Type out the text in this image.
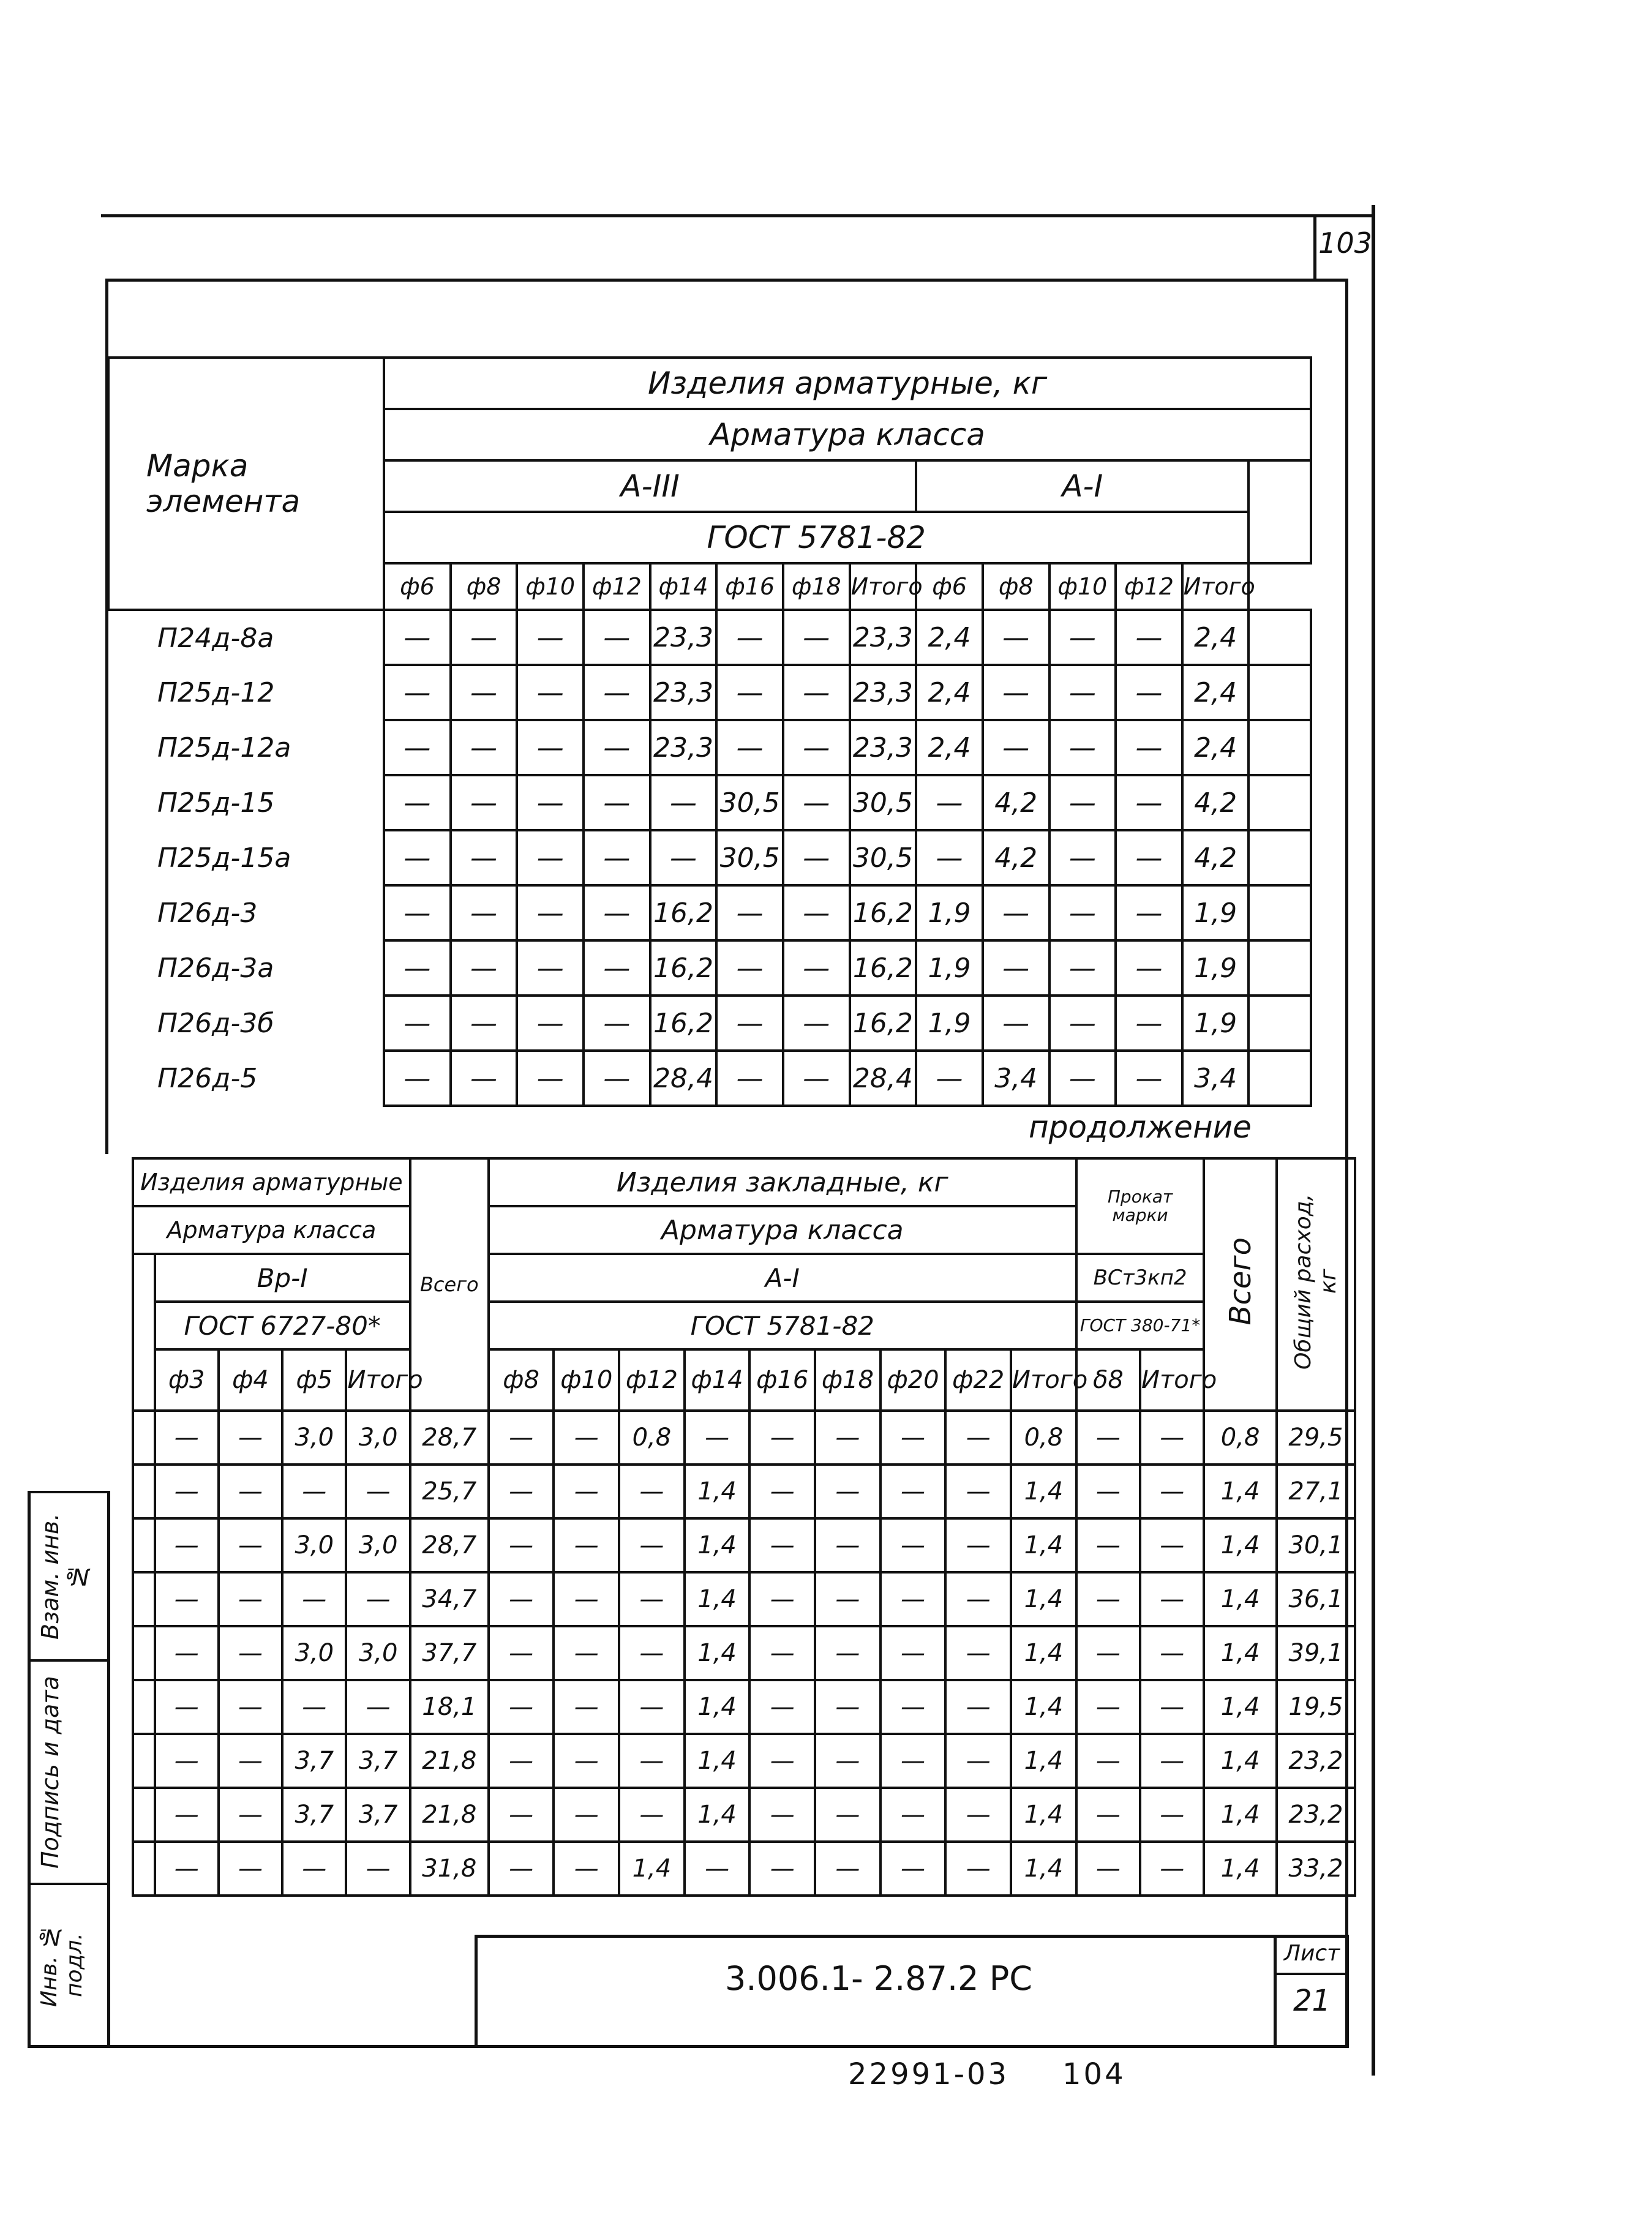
103
Взам. инв. №
Подпись и дата
Инв. № подл.
Марка элемента	Изделия арматурные, кг													
	Арматура класса													
	А-III								А-I					
	ГОСТ 5781-82													
	ф6	ф8	ф10	ф12	ф14	ф16	ф18	Итого	ф6	ф8	ф10	ф12	Итого	
П24д-8а	—	—	—	—	23,3	—	—	23,3	2,4	—	—	—	2,4	
П25д-12	—	—	—	—	23,3	—	—	23,3	2,4	—	—	—	2,4	
П25д-12а	—	—	—	—	23,3	—	—	23,3	2,4	—	—	—	2,4	
П25д-15	—	—	—	—	—	30,5	—	30,5	—	4,2	—	—	4,2	
П25д-15а	—	—	—	—	—	30,5	—	30,5	—	4,2	—	—	4,2	
П26д-3	—	—	—	—	16,2	—	—	16,2	1,9	—	—	—	1,9	
П26д-3а	—	—	—	—	16,2	—	—	16,2	1,9	—	—	—	1,9	
П26д-3б	—	—	—	—	16,2	—	—	16,2	1,9	—	—	—	1,9	
П26д-5	—	—	—	—	28,4	—	—	28,4	—	3,4	—	—	3,4	
продолжение
Изделия арматурные					Всего	Изделия закладные, кг									Прокат марки		Всего	Общий расход, кг
Арматура класса						Арматура класса												
	Вр-I					А-I									ВСт3кп2			
	ГОСТ 6727-80*					ГОСТ 5781-82									ГОСТ 380-71*			
	ф3	ф4	ф5	Итого		ф8	ф10	ф12	ф14	ф16	ф18	ф20	ф22	Итого	δ8	Итого		
	—	—	3,0	3,0	28,7	—	—	0,8	—	—	—	—	—	0,8	—	—	0,8	29,5
	—	—	—	—	25,7	—	—	—	1,4	—	—	—	—	1,4	—	—	1,4	27,1
	—	—	3,0	3,0	28,7	—	—	—	1,4	—	—	—	—	1,4	—	—	1,4	30,1
	—	—	—	—	34,7	—	—	—	1,4	—	—	—	—	1,4	—	—	1,4	36,1
	—	—	3,0	3,0	37,7	—	—	—	1,4	—	—	—	—	1,4	—	—	1,4	39,1
	—	—	—	—	18,1	—	—	—	1,4	—	—	—	—	1,4	—	—	1,4	19,5
	—	—	3,7	3,7	21,8	—	—	—	1,4	—	—	—	—	1,4	—	—	1,4	23,2
	—	—	3,7	3,7	21,8	—	—	—	1,4	—	—	—	—	1,4	—	—	1,4	23,2
	—	—	—	—	31,8	—	—	1,4	—	—	—	—	—	1,4	—	—	1,4	33,2
3.006.1- 2.87.2 РС
Лист
21
22991-03 104
